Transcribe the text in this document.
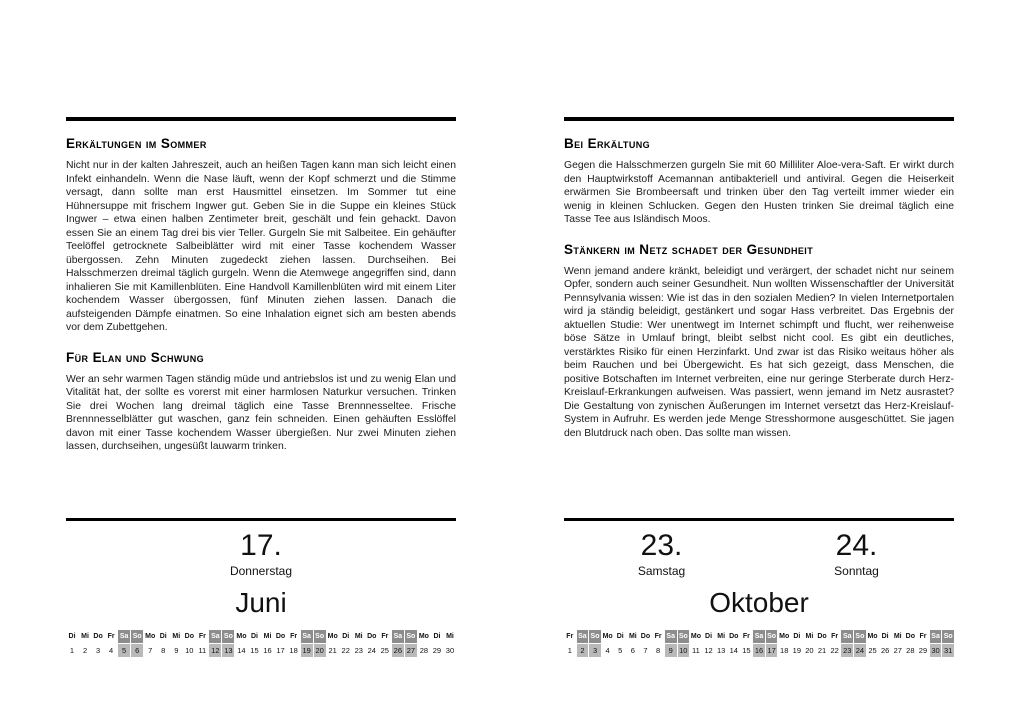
Erkältungen im Sommer

Nicht nur in der kalten Jahreszeit, auch an heißen Tagen kann man sich leicht einen Infekt einhandeln. Wenn die Nase läuft, wenn der Kopf schmerzt und die Stimme versagt, dann sollte man erst Hausmittel einsetzen. Im Sommer tut eine Hühnersuppe mit frischem Ingwer gut. Geben Sie in die Suppe ein kleines Stück Ingwer – etwa einen halben Zentimeter breit, geschält und fein gehackt. Davon essen Sie an einem Tag drei bis vier Teller. Gurgeln Sie mit Salbeitee. Ein gehäufter Teelöffel getrocknete Salbeiblätter wird mit einer Tasse kochendem Wasser übergossen. Zehn Minuten zugedeckt ziehen lassen. Durchseihen. Bei Halsschmerzen dreimal täglich gurgeln. Wenn die Atemwege angegriffen sind, dann inhalieren Sie mit Kamillenblüten. Eine Handvoll Kamillenblüten wird mit einem Liter kochendem Wasser übergossen, fünf Minuten ziehen lassen. Danach die aufsteigenden Dämpfe einatmen. So eine Inhalation eignet sich am besten abends vor dem Zubettgehen.

Für Elan und Schwung

Wer an sehr warmen Tagen ständig müde und antriebslos ist und zu wenig Elan und Vitalität hat, der sollte es vorerst mit einer harmlosen Naturkur versuchen. Trinken Sie drei Wochen lang dreimal täglich eine Tasse Brennnesseltee. Frische Brennnesselblätter gut waschen, ganz fein schneiden. Einen gehäuften Esslöffel davon mit einer Tasse kochendem Wasser übergießen. Nur zwei Minuten ziehen lassen, durchseihen, ungesüßt lauwarm trinken.

17.
Donnerstag
Juni
Di Mi Do Fr Sa So Mo Di Mi Do Fr Sa So Mo Di Mi Do Fr Sa So Mo Di Mi Do Fr Sa So Mo Di Mi
1	2	3	4	5	6	7	8	9 10 11 12 13 14 15 16 17 18 19 20 21 22 23 24 25 26 27 28 29 30
Bei Erkältung

Gegen die Halsschmerzen gurgeln Sie mit 60 Milliliter Aloe-vera-Saft. Er wirkt durch den Hauptwirkstoff Acemannan antibakteriell und antiviral. Gegen die Heiserkeit erwärmen Sie Brombeersaft und trinken über den Tag verteilt immer wieder ein wenig in kleinen Schlucken. Gegen den Husten trinken Sie dreimal täglich eine Tasse Tee aus Isländisch Moos.

Stänkern im Netz schadet der Gesundheit

Wenn jemand andere kränkt, beleidigt und verärgert, der schadet nicht nur seinem Opfer, sondern auch seiner Gesundheit. Nun wollten Wissenschaftler der Universität Pennsylvania wissen: Wie ist das in den sozialen Medien? In vielen Internetportalen wird ja ständig beleidigt, gestänkert und sogar Hass verbreitet. Das Ergebnis der aktuellen Studie: Wer unentwegt im Internet schimpft und flucht, wer reihenweise böse Sätze in Umlauf bringt, bleibt selbst nicht cool. Es gibt ein deutliches, verstärktes Risiko für einen Herzinfarkt. Und zwar ist das Risiko weitaus höher als beim Rauchen und bei Übergewicht. Es hat sich gezeigt, dass Menschen, die positive Botschaften im Internet verbreiten, eine nur geringe Sterberate durch Herz-Kreislauf-Erkrankungen aufweisen. Was passiert, wenn jemand im Netz ausrastet? Die Gestaltung von zynischen Äußerungen im Internet versetzt das Herz-Kreislauf-System in Aufruhr. Es werden jede Menge Stresshormone ausgeschüttet. Sie jagen den Blutdruck nach oben. Das sollte man wissen.

23.
Samstag
24.
Sonntag
Oktober
Fr Sa So Mo Di Mi Do Fr Sa So Mo Di Mi Do Fr Sa So Mo Di Mi Do Fr Sa So Mo Di Mi Do Fr Sa So
1	2	3	4	5	6	7	8	9 10 11 12 13 14 15 16 17 18 19 20 21 22 23 24 25 26 27 28 29 30 31
